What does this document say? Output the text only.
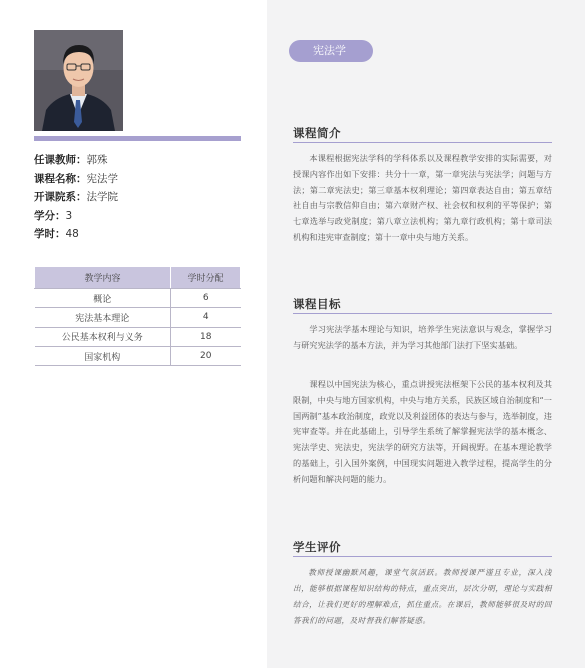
任课教师：郭殊
课程名称：宪法学
开课院系：法学院
学分：3
学时：48
教学内容	学时分配
概论	6
宪法基本理论	4
公民基本权利与义务	18
国家机构	20
宪法学
课程简介
本课程根据宪法学科的学科体系以及课程教学安排的实际需要，对授课内容作出如下安排：共分十一章，第一章宪法与宪法学；问题与方法；第二章宪法史；第三章基本权利理论；第四章表达自由；第五章结社自由与宗教信仰自由；第六章财产权、社会权和权利的平等保护；第七章选举与政党制度；第八章立法机构；第九章行政机构；第十章司法机构和违宪审查制度；第十一章中央与地方关系。
课程目标
学习宪法学基本理论与知识，培养学生宪法意识与观念，掌握学习与研究宪法学的基本方法，并为学习其他部门法打下坚实基础。
课程以中国宪法为核心，重点讲授宪法框架下公民的基本权利及其限制，中央与地方国家机构，中央与地方关系，民族区域自治制度和“一国两制”基本政治制度，政党以及利益团体的表达与参与，选举制度，违宪审查等。并在此基础上，引导学生系统了解掌握宪法学的基本概念、宪法学史、宪法史，宪法学的研究方法等，开阔视野。在基本理论教学的基础上，引入国外案例，中国现实问题进入教学过程，提高学生的分析问题和解决问题的能力。
学生评价
教师授课幽默风趣，课堂气氛活跃。教师授课严谨且专业，深入浅出，能够根据课程知识结构的特点，重点突出，层次分明，理论与实践相结合，让我们更好的理解难点，抓住重点。在课后，教师能够很及时的回答我们的问题，及时督我们解答疑惑。
